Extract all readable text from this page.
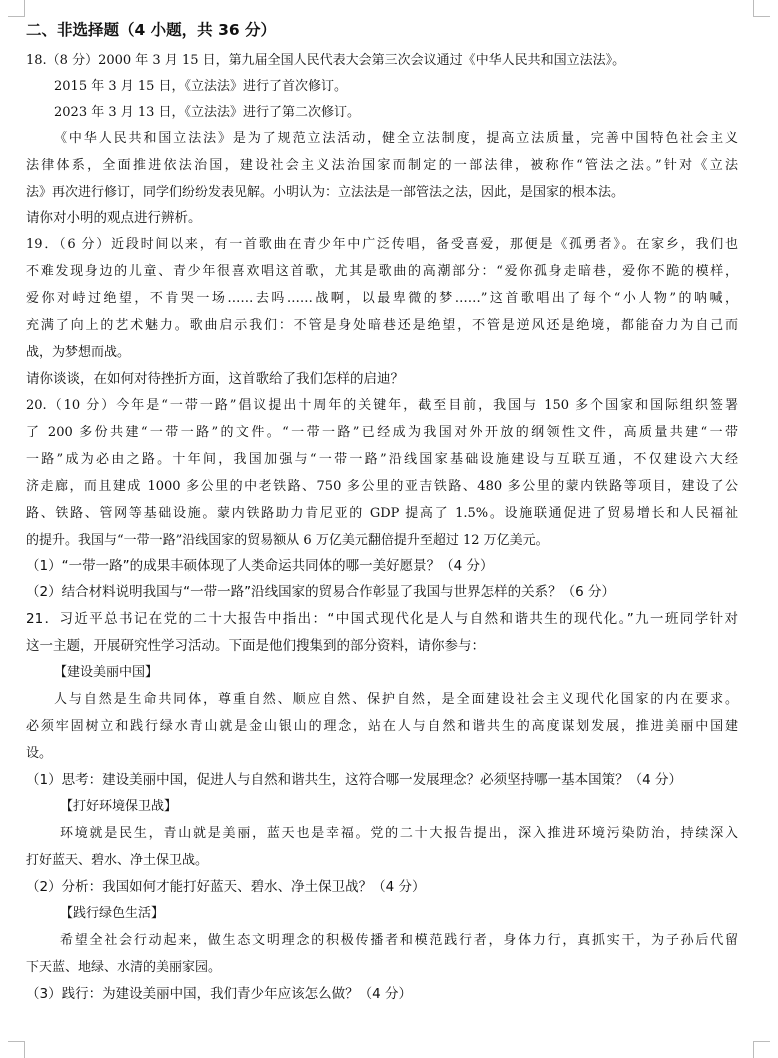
二、非选择题（4 小题，共 36 分）
18.（8 分）2000 年 3 月 15 日，第九届全国人民代表大会第三次会议通过《中华人民共和国立法法》。
2015 年 3 月 15 日，《立法法》进行了首次修订。
2023 年 3 月 13 日，《立法法》进行了第二次修订。
《中华人民共和国立法法》是为了规范立法活动，健全立法制度，提高立法质量，完善中国特色社会主义
法律体系，全面推进依法治国，建设社会主义法治国家而制定的一部法律，被称作“管法之法。”针对《立法
法》再次进行修订，同学们纷纷发表见解。小明认为：立法法是一部管法之法，因此，是国家的根本法。
请你对小明的观点进行辨析。
19．（6 分）近段时间以来，有一首歌曲在青少年中广泛传唱，备受喜爱，那便是《孤勇者》。在家乡，我们也
不难发现身边的儿童、青少年很喜欢唱这首歌，尤其是歌曲的高潮部分：“爱你孤身走暗巷，爱你不跪的模样，
爱你对峙过绝望，不肯哭一场……去吗……战啊，以最卑微的梦……”这首歌唱出了每个“小人物”的呐喊，
充满了向上的艺术魅力。歌曲启示我们：不管是身处暗巷还是绝望，不管是逆风还是绝境，都能奋力为自己而
战，为梦想而战。
请你谈谈，在如何对待挫折方面，这首歌给了我们怎样的启迪？
20.（10 分）今年是“一带一路”倡议提出十周年的关键年，截至目前，我国与 150 多个国家和国际组织签署
了 200 多份共建“一带一路”的文件。“一带一路”已经成为我国对外开放的纲领性文件，高质量共建“一带
一路”成为必由之路。十年间，我国加强与“一带一路”沿线国家基础设施建设与互联互通，不仅建设六大经
济走廊，而且建成 1000 多公里的中老铁路、750 多公里的亚吉铁路、480 多公里的蒙内铁路等项目，建设了公
路、铁路、管网等基础设施。蒙内铁路助力肯尼亚的 GDP 提高了 1.5%。设施联通促进了贸易增长和人民福祉
的提升。我国与“一带一路”沿线国家的贸易额从 6 万亿美元翻倍提升至超过 12 万亿美元。
（1）“一带一路”的成果丰硕体现了人类命运共同体的哪一美好愿景？（4 分）
（2）结合材料说明我国与“一带一路”沿线国家的贸易合作彰显了我国与世界怎样的关系？（6 分）
21．习近平总书记在党的二十大报告中指出：“中国式现代化是人与自然和谐共生的现代化。”九一班同学针对
这一主题，开展研究性学习活动。下面是他们搜集到的部分资料，请你参与：
【建设美丽中国】
人与自然是生命共同体，尊重自然、顺应自然、保护自然，是全面建设社会主义现代化国家的内在要求。
必须牢固树立和践行绿水青山就是金山银山的理念，站在人与自然和谐共生的高度谋划发展，推进美丽中国建
设。
（1）思考：建设美丽中国，促进人与自然和谐共生，这符合哪一发展理念？必须坚持哪一基本国策？（4 分）
【打好环境保卫战】
环境就是民生，青山就是美丽，蓝天也是幸福。党的二十大报告提出，深入推进环境污染防治，持续深入
打好蓝天、碧水、净土保卫战。
（2）分析：我国如何才能打好蓝天、碧水、净土保卫战？（4 分）
【践行绿色生活】
希望全社会行动起来，做生态文明理念的积极传播者和模范践行者，身体力行，真抓实干，为子孙后代留
下天蓝、地绿、水清的美丽家园。
（3）践行：为建设美丽中国，我们青少年应该怎么做？（4 分）
